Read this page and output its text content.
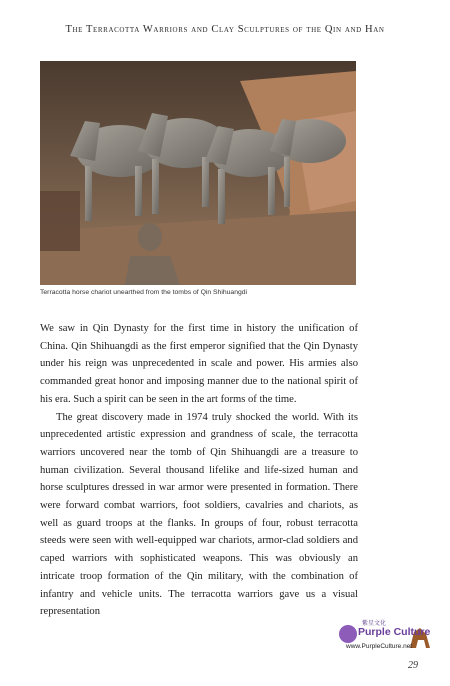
The Terracotta Warriors and Clay Sculptures of the Qin and Han
Terracotta horse chariot unearthed from the tombs of Qin Shihuangdi

We saw in Qin Dynasty for the first time in history the unification of China. Qin Shihuangdi as the first emperor signified that the Qin Dynasty under his reign was unprecedented in scale and power. His armies also commanded great honor and imposing manner due to the national spirit of his era. Such a spirit can be seen in the art forms of the time.

The great discovery made in 1974 truly shocked the world. With its unprecedented artistic expression and grandness of scale, the terracotta warriors uncovered near the tomb of Qin Shihuangdi are a treasure to human civilization. Several thousand lifelike and life-sized human and horse sculptures dressed in war armor were presented in formation. There were forward combat warriors, foot soldiers, cavalries and chariots, as well as guard troops at the flanks. In groups of four, robust terracotta steeds were seen with well-equipped war chariots, armor-clad soldiers and caped warriors with sophisticated weapons. This was obviously an intricate troop formation of the Qin military, with the combination of infantry and vehicle units. The terracotta warriors gave us a visual representation

紫星文化
Purple Culture
www.PurpleCulture.net
29
